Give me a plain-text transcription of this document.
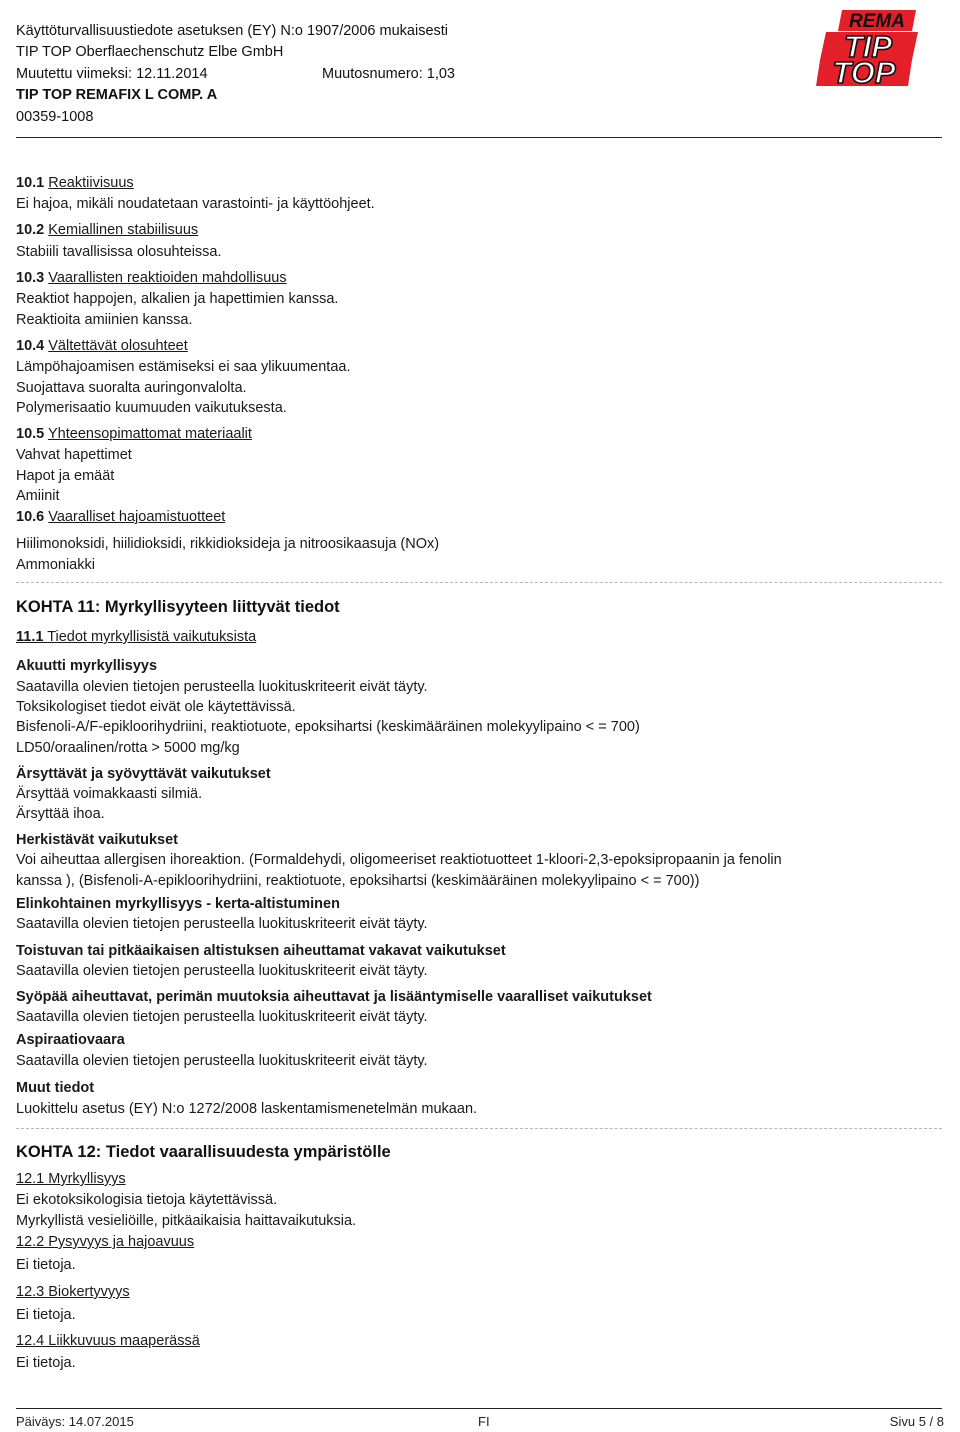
Käyttöturvallisuustiedote asetuksen (EY) N:o 1907/2006 mukaisesti
TIP TOP Oberflaechenschutz Elbe GmbH
Muutettu viimeksi: 12.11.2014	Muutosnumero: 1,03
TIP TOP REMAFIX L COMP. A
00359-1008
REMA
TIP
TOP
10.1 Reaktiivisuus
Ei hajoa, mikäli noudatetaan varastointi- ja käyttöohjeet.
10.2 Kemiallinen stabiilisuus
Stabiili tavallisissa olosuhteissa.
10.3 Vaarallisten reaktioiden mahdollisuus
Reaktiot happojen, alkalien ja hapettimien kanssa.
Reaktioita amiinien kanssa.
10.4 Vältettävät olosuhteet
Lämpöhajoamisen estämiseksi ei saa ylikuumentaa.
Suojattava suoralta auringonvalolta.
Polymerisaatio kuumuuden vaikutuksesta.
10.5 Yhteensopimattomat materiaalit
Vahvat hapettimet
Hapot ja emäät
Amiinit
10.6 Vaaralliset hajoamistuotteet
Hiilimonoksidi, hiilidioksidi, rikkidioksideja ja nitroosikaasuja (NOx)
Ammoniakki
KOHTA 11: Myrkyllisyyteen liittyvät tiedot
11.1 Tiedot myrkyllisistä vaikutuksista
Akuutti myrkyllisyys
Saatavilla olevien tietojen perusteella luokituskriteerit eivät täyty.
Toksikologiset tiedot eivät ole käytettävissä.
Bisfenoli-A/F-epikloorihydriini, reaktiotuote, epoksihartsi (keskimääräinen molekyylipaino < = 700)
LD50/oraalinen/rotta > 5000 mg/kg
Ärsyttävät ja syövyttävät vaikutukset
Ärsyttää voimakkaasti silmiä.
Ärsyttää ihoa.
Herkistävät vaikutukset
Voi aiheuttaa allergisen ihoreaktion. (Formaldehydi, oligomeeriset reaktiotuotteet 1-kloori-2,3-epoksipropaanin ja fenolin
kanssa ), (Bisfenoli-A-epikloorihydriini, reaktiotuote, epoksihartsi (keskimääräinen molekyylipaino < = 700))
Elinkohtainen myrkyllisyys - kerta-altistuminen
Saatavilla olevien tietojen perusteella luokituskriteerit eivät täyty.
Toistuvan tai pitkäaikaisen altistuksen aiheuttamat vakavat vaikutukset
Saatavilla olevien tietojen perusteella luokituskriteerit eivät täyty.
Syöpää aiheuttavat, perimän muutoksia aiheuttavat ja lisääntymiselle vaaralliset vaikutukset
Saatavilla olevien tietojen perusteella luokituskriteerit eivät täyty.
Aspiraatiovaara
Saatavilla olevien tietojen perusteella luokituskriteerit eivät täyty.
Muut tiedot
Luokittelu asetus (EY) N:o 1272/2008 laskentamismenetelmän mukaan.
KOHTA 12: Tiedot vaarallisuudesta ympäristölle
12.1 Myrkyllisyys
Ei ekotoksikologisia tietoja käytettävissä.
Myrkyllistä vesieliöille, pitkäaikaisia haittavaikutuksia.
12.2 Pysyvyys ja hajoavuus
Ei tietoja.
12.3 Biokertyvyys
Ei tietoja.
12.4 Liikkuvuus maaperässä
Ei tietoja.
Päiväys: 14.07.2015	FI	Sivu 5 / 8
